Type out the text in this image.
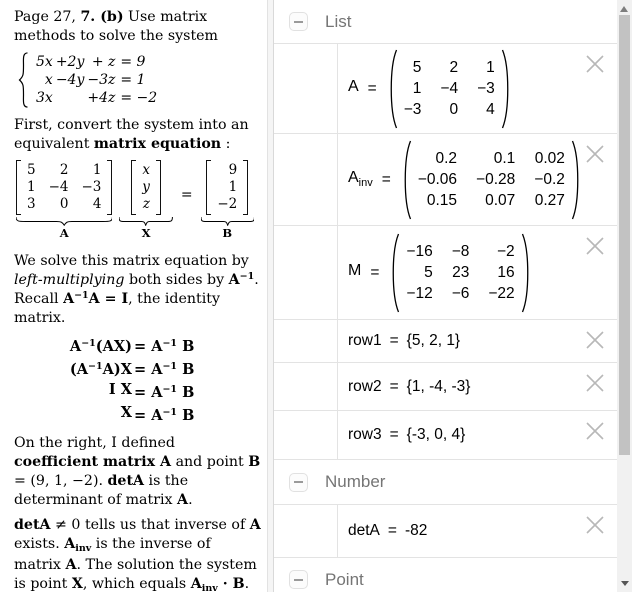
Page 27, 7. (b) Use matrix methods to solve the system

5x +2y + z = 9
x −4y −3z = 1
3x +4z = −2

First, convert the system into an equivalent matrix equation :

5 2 1
1 −4 −3
3 0 4
A
x
y
z
X
=
9
1
−2
B

We solve this matrix equation by left-multiplying both sides by $A^{-1}$. Recall $A^{-1}A = I$, the identity matrix.

$A^{-1}(AX) = A^{-1}$ B
$(A^{-1}A)X = A^{-1}$ B
I $X = A^{-1}$ B
$X = A^{-1}$ B

On the right, I defined coefficient matrix A and point B = (9, 1, −2). detA is the determinant of matrix A.

detA ≠ 0 tells us that inverse of A exists. $A_{inv}$ is the inverse of matrix A. The solution the system is point X, which equals $A_{inv} \cdot B$.

List
A =
5 2 1
1 −4 −3
−3 0 4
$A_{inv}$ =
0.2 0.1 0.02
−0.06 −0.28 −0.2
0.15 0.07 0.27
M =
−16 −8 −2
5 23 16
−12 −6 −22
row1 = {5, 2, 1}
row2 = {1, -4, -3}
row3 = {-3, 0, 4}
Number
detA = -82
Point
